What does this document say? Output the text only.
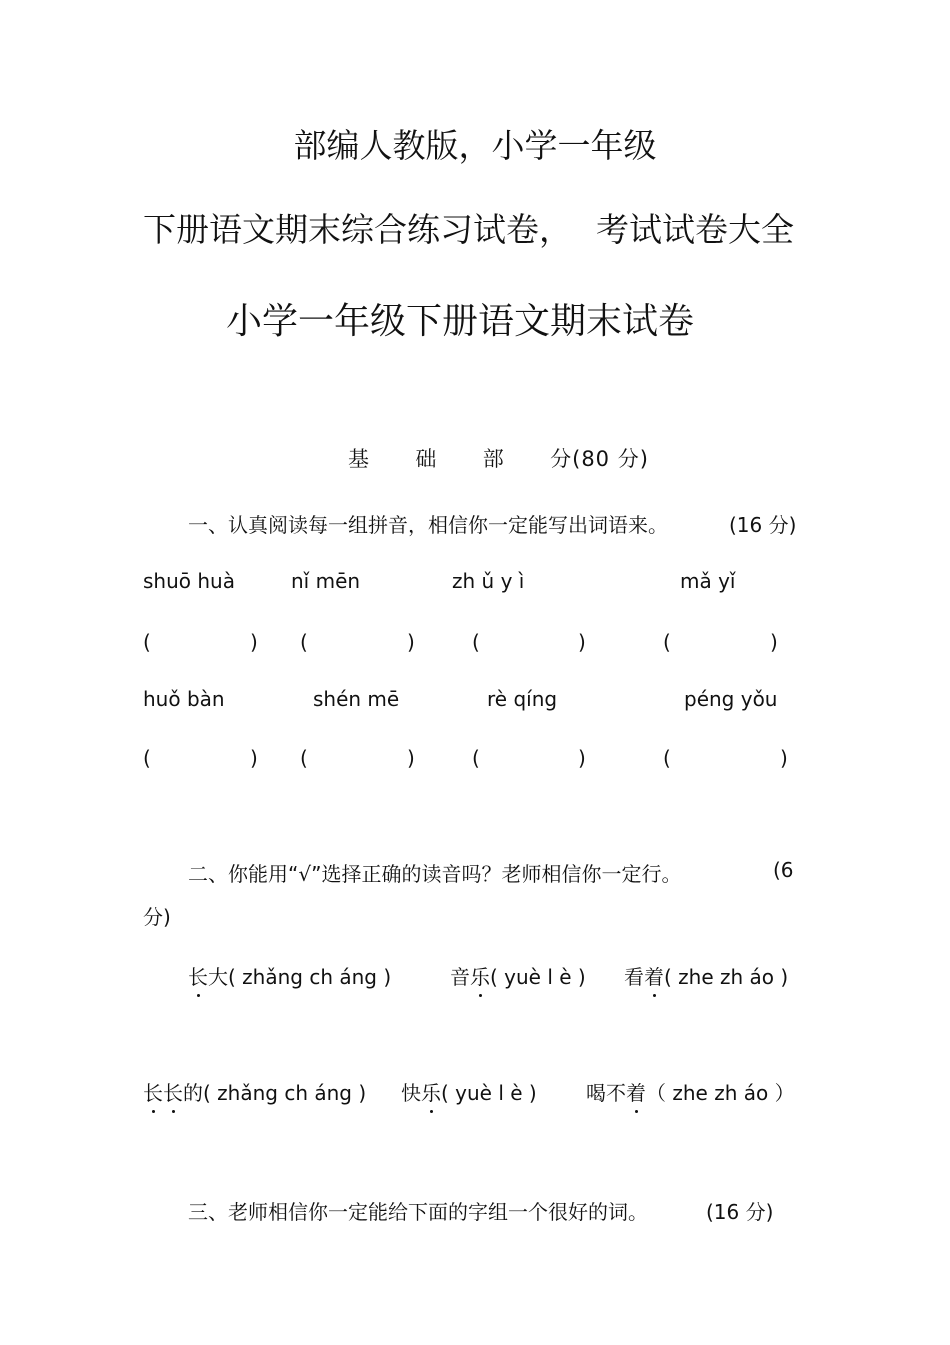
部编人教版，小学一年级
下册语文期末综合练习试卷， 考试试卷大全
小学一年级下册语文期末试卷
基 础 部 分(80 分)
一、认真阅读每一组拼音，相信你一定能写出词语来。	(16 分)
shuō huà	nǐ mēn	zh ǔ y ì	mǎ yǐ
(	) (	)	(	)	(	)
huǒ bàn	shén mē	rè qíng	péng yǒu
(	) (	)	(	)	(	)
二、你能用“√”选择正确的读音吗？老师相信你一定行。	(6
分)
长大( zhǎng ch áng )	音乐( yuè l è ) 看着( zhe zh áo )
长长的( zhǎng ch áng ) 快乐( yuè l è ) 喝不着（ zhe zh áo ）
三、老师相信你一定能给下面的字组一个很好的词。	(16 分)
